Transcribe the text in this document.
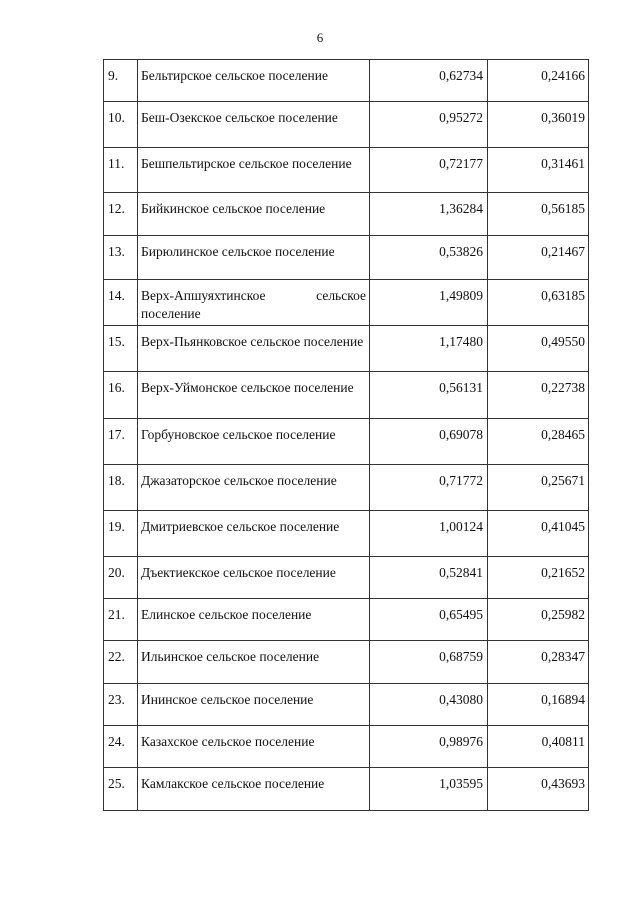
6
9.	Бельтирское сельское поселение	0,62734	0,24166
10.	Беш-Озекское сельское поселение	0,95272	0,36019
11.	Бешпельтирское сельское поселение	0,72177	0,31461
12.	Бийкинское сельское поселение	1,36284	0,56185
13.	Бирюлинское сельское поселение	0,53826	0,21467
14.	Верх-Апшуяхтинское сельское поселение	1,49809	0,63185
15.	Верх-Пьянковское сельское поселение	1,17480	0,49550
16.	Верх-Уймонское сельское поселение	0,56131	0,22738
17.	Горбуновское сельское поселение	0,69078	0,28465
18.	Джазаторское сельское поселение	0,71772	0,25671
19.	Дмитриевское сельское поселение	1,00124	0,41045
20.	Дъектиекское сельское поселение	0,52841	0,21652
21.	Елинское сельское поселение	0,65495	0,25982
22.	Ильинское сельское поселение	0,68759	0,28347
23.	Ининское сельское поселение	0,43080	0,16894
24.	Казахское сельское поселение	0,98976	0,40811
25.	Камлакское сельское поселение	1,03595	0,43693
